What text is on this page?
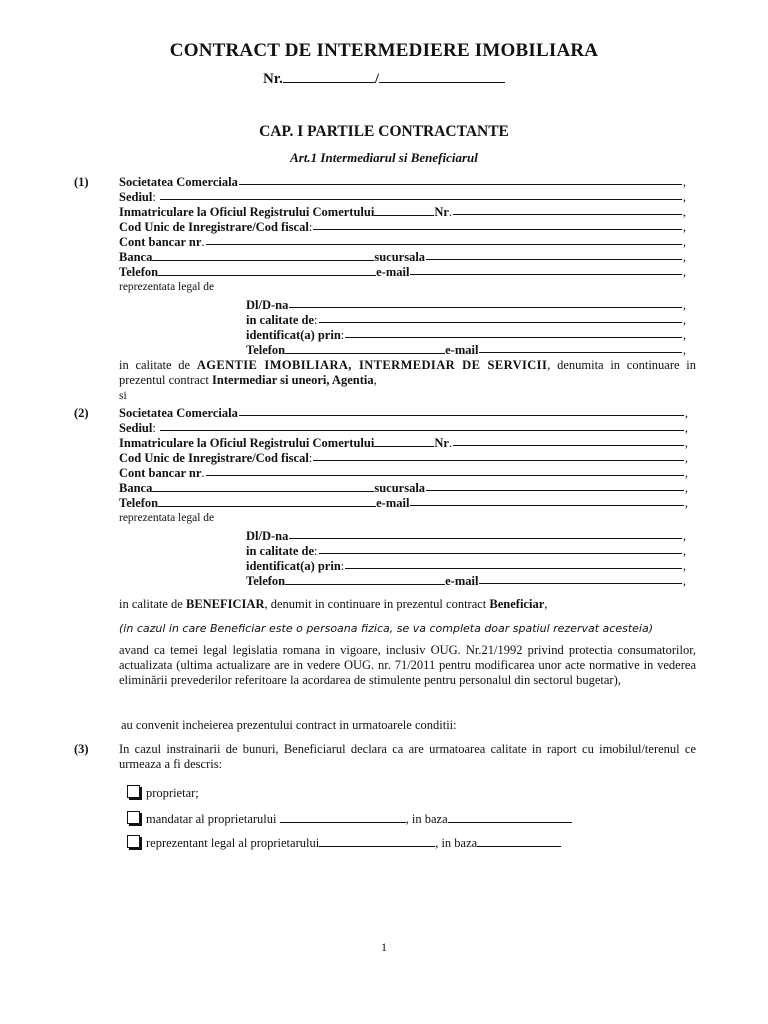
CONTRACT DE INTERMEDIERE IMOBILIARA
Nr.	/
CAP. I PARTILE CONTRACTANTE
Art.1 Intermediarul si Beneficiarul
(1) Societatea Comerciala	,
Sediul :	,
Inmatriculare la Oficiul Registrului Comertului	Nr .	,
Cod Unic de Inregistrare/Cod fiscal :	,
Cont bancar nr .	,
Banca	sucursala	,
Telefon	e-mail	,
reprezentata legal de
Dl/D-na	,
in calitate de :	,
identificat(a) prin :	,
Telefon	e-mail	,
in calitate de AGENTIE IMOBILIARA, INTERMEDIAR DE SERVICII, denumita in continuare in prezentul contract Intermediar si uneori, Agentia,
si
(2) Societatea Comerciala	,
Sediul :	,
Inmatriculare la Oficiul Registrului Comertului	Nr .	,
Cod Unic de Inregistrare/Cod fiscal :	,
Cont bancar nr .	,
Banca	sucursala	,
Telefon	e-mail	,
reprezentata legal de
Dl/D-na	,
in calitate de :	,
identificat(a) prin :	,
Telefon	e-mail	,
in calitate de BENEFICIAR, denumit in continuare in prezentul contract Beneficiar,
(in cazul in care Beneficiar este o persoana fizica, se va completa doar spatiul rezervat acesteia)
avand ca temei legal legislatia romana in vigoare, inclusiv OUG. Nr.21/1992 privind protectia consumatorilor, actualizata (ultima actualizare are in vedere OUG. nr. 71/2011 pentru modificarea unor acte normative in vederea eliminării prevederilor referitoare la acordarea de stimulente pentru personalul din sectorul bugetar),
au convenit incheierea prezentului contract in urmatoarele conditii:
(3) In cazul instrainarii de bunuri, Beneficiarul declara ca are urmatoarea calitate in raport cu imobilul/terenul ce urmeaza a fi descris:
proprietar;
mandatar al proprietarului	, in baza
reprezentant legal al proprietarului	, in baza
1
